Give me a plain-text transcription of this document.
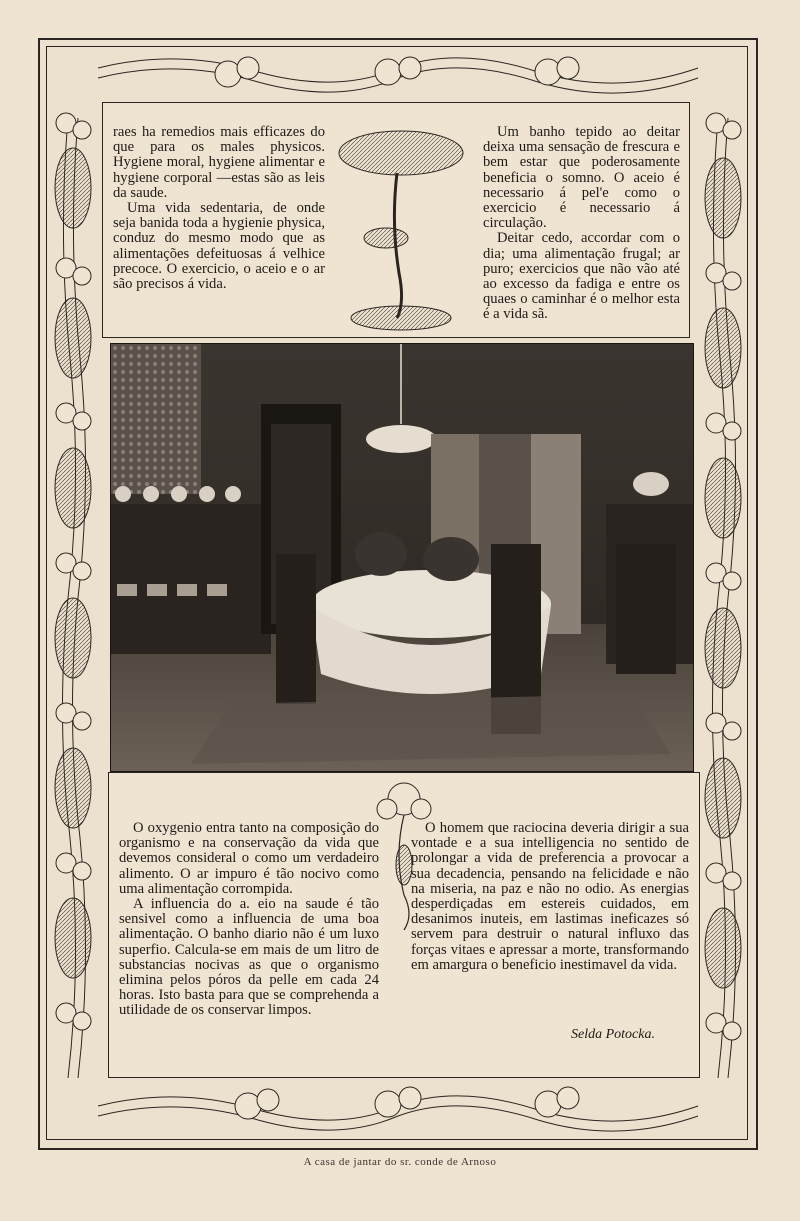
raes ha remedios mais efficazes do que para os males physicos. Hygiene moral, hygiene alimentar e hygiene corporal —estas são as leis da saude.

Uma vida sedentaria, de onde seja banida toda a hygienie physica, conduz do mesmo modo que as alimentações defeituosas á velhice precoce. O exercicio, o aceio e o ar são precisos á vida.

Um banho tepido ao deitar deixa uma sensação de frescura e bem estar que poderosamente beneficia o somno. O aceio é necessario á pel'e como o exercicio é necessario á circulação.

Deitar cedo, accordar com o dia; uma alimentação frugal; ar puro; exercicios que não vão até ao excesso da fadiga e entre os quaes o caminhar é o melhor esta é a vida sã.

O oxygenio entra tanto na composição do organismo e na conservação da vida que devemos consideral o como um verdadeiro alimento. O ar impuro é tão nocivo como uma alimentação corrompida.

A influencia do a. eio na saude é tão sensivel como a influencia de uma boa alimentação. O banho diario não é um luxo superfio. Calcula-se em mais de um litro de substancias nocivas as que o organismo elimina pelos póros da pelle em cada 24 horas. Isto basta para que se comprehenda a utilidade de os conservar limpos.

O homem que raciocina deveria dirigir a sua vontade e a sua intelligencia no sentido de prolongar a vida de preferencia a provocar a sua decadencia, pensando na felicidade e não na miseria, na paz e não no odio. As energias desperdiçadas em estereis cuidados, em desanimos inuteis, em lastimas ineficazes só servem para destruir o natural influxo das forças vitaes e apressar a morte, transformando em amargura o beneficio inestimavel da vida.

Selda Potocka.
A casa de jantar do sr. conde de Arnoso
